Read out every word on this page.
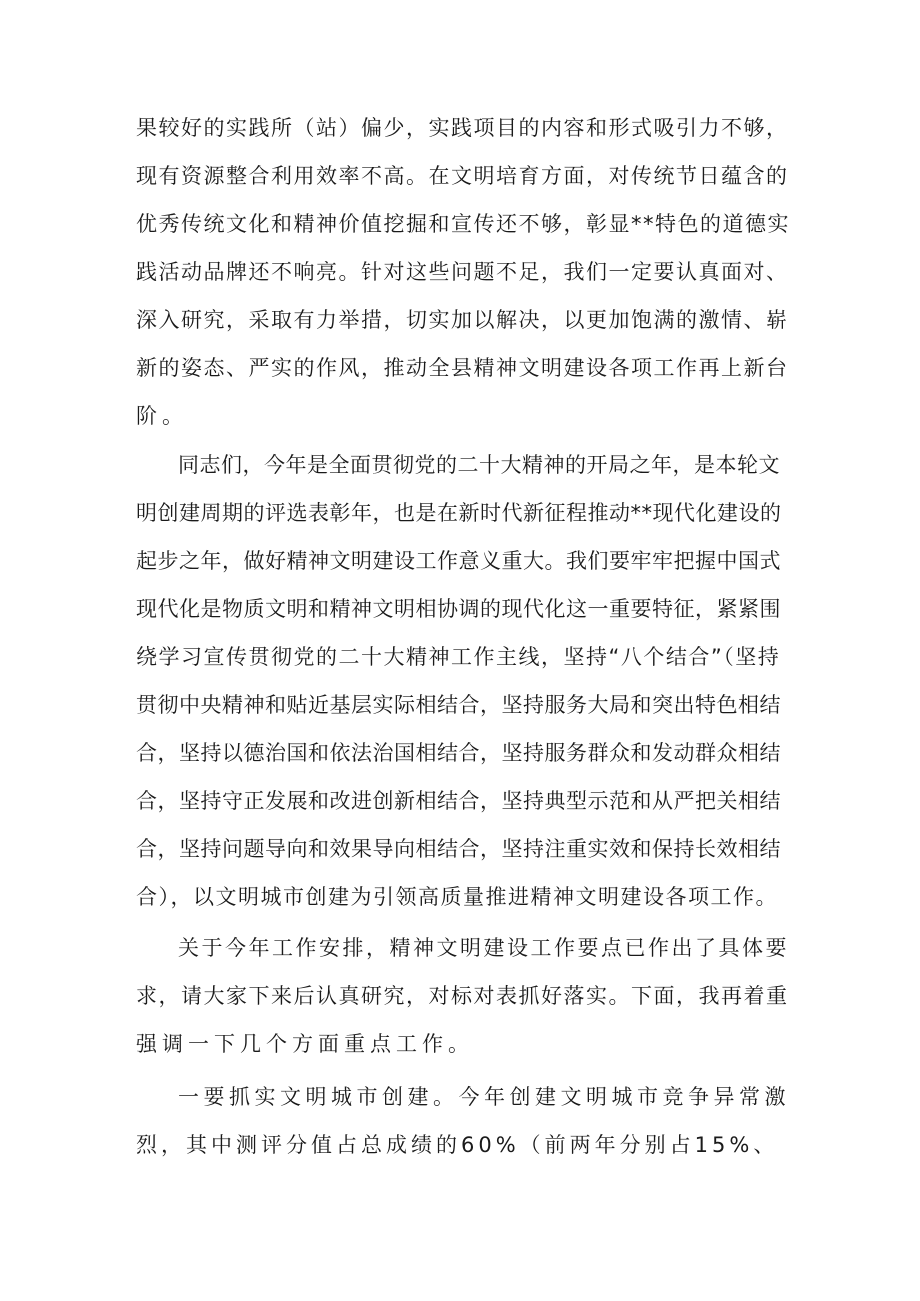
果较好的实践所（站）偏少，实践项目的内容和形式吸引力不够，
现有资源整合利用效率不高。在文明培育方面，对传统节日蕴含的
优秀传统文化和精神价值挖掘和宣传还不够，彰显**特色的道德实
践活动品牌还不响亮。针对这些问题不足，我们一定要认真面对、
深入研究，采取有力举措，切实加以解决，以更加饱满的激情、崭
新的姿态、严实的作风，推动全县精神文明建设各项工作再上新台
阶。
同志们，今年是全面贯彻党的二十大精神的开局之年，是本轮文
明创建周期的评选表彰年，也是在新时代新征程推动**现代化建设的
起步之年，做好精神文明建设工作意义重大。我们要牢牢把握中国式
现代化是物质文明和精神文明相协调的现代化这一重要特征，紧紧围
绕学习宣传贯彻党的二十大精神工作主线，坚持“八个结合”（坚持
贯彻中央精神和贴近基层实际相结合，坚持服务大局和突出特色相结
合，坚持以德治国和依法治国相结合，坚持服务群众和发动群众相结
合，坚持守正发展和改进创新相结合，坚持典型示范和从严把关相结
合，坚持问题导向和效果导向相结合，坚持注重实效和保持长效相结
合），以文明城市创建为引领高质量推进精神文明建设各项工作。
关于今年工作安排，精神文明建设工作要点已作出了具体要
求，请大家下来后认真研究，对标对表抓好落实。下面，我再着重
强调一下几个方面重点工作。
一要抓实文明城市创建。今年创建文明城市竞争异常激
烈，其中测评分值占总成绩的60%（前两年分别占15%、
